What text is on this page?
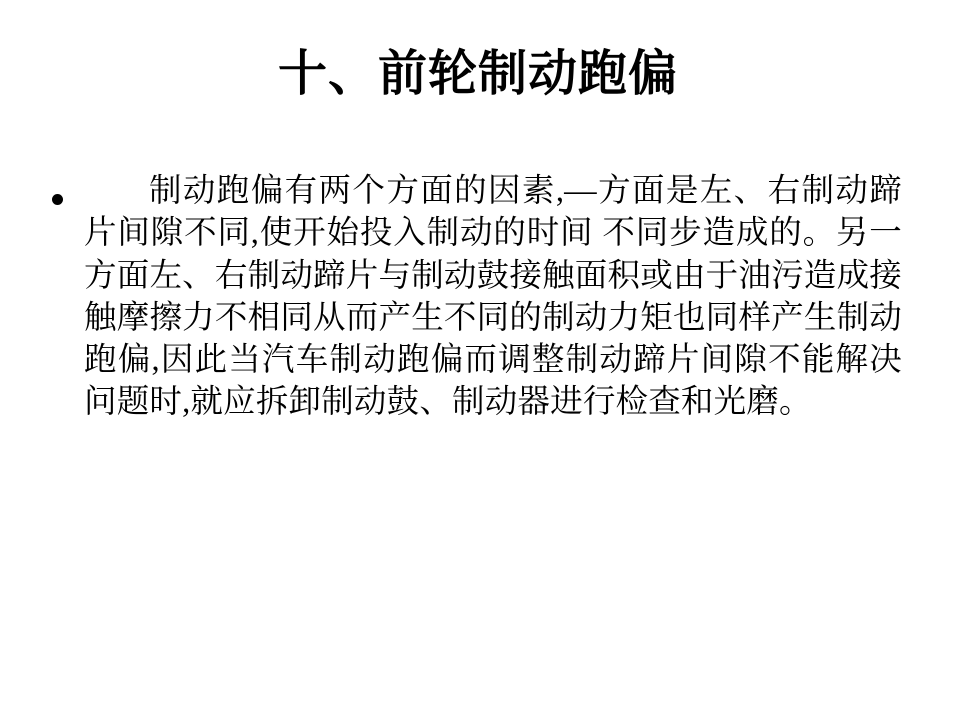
十、前轮制动跑偏
制动跑偏有两个方面的因素,—方面是左、右制动蹄片间隙不同,使开始投入制动的时间 不同步造成的。另一方面左、右制动蹄片与制动鼓接触面积或由于油污造成接触摩擦力不相同从而产生不同的制动力矩也同样产生制动跑偏,因此当汽车制动跑偏而调整制动蹄片间隙不能解决问题时,就应拆卸制动鼓、制动器进行检查和光磨。
